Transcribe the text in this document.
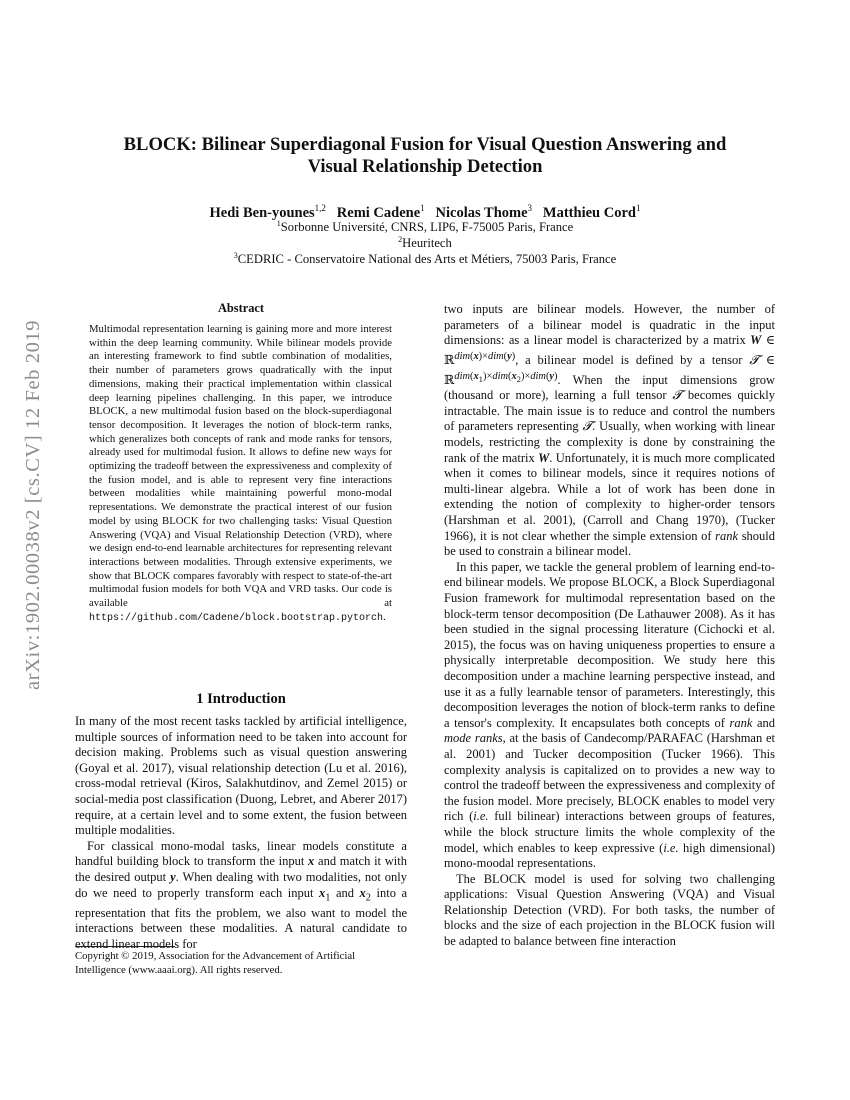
arXiv:1902.00038v2 [cs.CV] 12 Feb 2019
BLOCK: Bilinear Superdiagonal Fusion for Visual Question Answering and
Visual Relationship Detection
Hedi Ben-younes$^{1,2}$ Remi Cadene$^1$ Nicolas Thome$^3$ Matthieu Cord$^1$
$^1$Sorbonne Université, CNRS, LIP6, F-75005 Paris, France
$^2$Heuritech
$^3$CEDRIC - Conservatoire National des Arts et Métiers, 75003 Paris, France
Abstract
Multimodal representation learning is gaining more and more interest within the deep learning community. While bilinear models provide an interesting framework to find subtle combination of modalities, their number of parameters grows quadratically with the input dimensions, making their practical implementation within classical deep learning pipelines challenging. In this paper, we introduce BLOCK, a new multimodal fusion based on the block-superdiagonal tensor decomposition. It leverages the notion of block-term ranks, which generalizes both concepts of rank and mode ranks for tensors, already used for multimodal fusion. It allows to define new ways for optimizing the tradeoff between the expressiveness and complexity of the fusion model, and is able to represent very fine interactions between modalities while maintaining powerful mono-modal representations. We demonstrate the practical interest of our fusion model by using BLOCK for two challenging tasks: Visual Question Answering (VQA) and Visual Relationship Detection (VRD), where we design end-to-end learnable architectures for representing relevant interactions between modalities. Through extensive experiments, we show that BLOCK compares favorably with respect to state-of-the-art multimodal fusion models for both VQA and VRD tasks. Our code is available at https://github.com/Cadene/block.bootstrap.pytorch.
1 Introduction

In many of the most recent tasks tackled by artificial intelligence, multiple sources of information need to be taken into account for decision making. Problems such as visual question answering (Goyal et al. 2017), visual relationship detection (Lu et al. 2016), cross-modal retrieval (Kiros, Salakhutdinov, and Zemel 2015) or social-media post classification (Duong, Lebret, and Aberer 2017) require, at a certain level and to some extent, the fusion between multiple modalities.

For classical mono-modal tasks, linear models constitute a handful building block to transform the input x and match it with the desired output y. When dealing with two modalities, not only do we need to properly transform each input $x_1$ and $x_2$ into a representation that fits the problem, we also want to model the interactions between these modalities. A natural candidate to extend linear models for

Copyright © 2019, Association for the Advancement of Artificial Intelligence (www.aaai.org). All rights reserved.

two inputs are bilinear models. However, the number of parameters of a bilinear model is quadratic in the input dimensions: as a linear model is characterized by a matrix W ∈ ℝ$^{dim(x)\times dim(y)}$, a bilinear model is defined by a tensor 𝓣 ∈ ℝ$^{dim(x_1)\times dim(x_2)\times dim(y)}$. When the input dimensions grow (thousand or more), learning a full tensor 𝓣 becomes quickly intractable. The main issue is to reduce and control the numbers of parameters representing 𝓣. Usually, when working with linear models, restricting the complexity is done by constraining the rank of the matrix W. Unfortunately, it is much more complicated when it comes to bilinear models, since it requires notions of multi-linear algebra. While a lot of work has been done in extending the notion of complexity to higher-order tensors (Harshman et al. 2001), (Carroll and Chang 1970), (Tucker 1966), it is not clear whether the simple extension of rank should be used to constrain a bilinear model.

In this paper, we tackle the general problem of learning end-to-end bilinear models. We propose BLOCK, a Block Superdiagonal Fusion framework for multimodal representation based on the block-term tensor decomposition (De Lathauwer 2008). As it has been studied in the signal processing literature (Cichocki et al. 2015), the focus was on having uniqueness properties to ensure a physically interpretable decomposition. We study here this decomposition under a machine learning perspective instead, and use it as a fully learnable tensor of parameters. Interestingly, this decomposition leverages the notion of block-term ranks to define a tensor's complexity. It encapsulates both concepts of rank and mode ranks, at the basis of Candecomp/PARAFAC (Harshman et al. 2001) and Tucker decomposition (Tucker 1966). This complexity analysis is capitalized on to provides a new way to control the tradeoff between the expressiveness and complexity of the fusion model. More precisely, BLOCK enables to model very rich (i.e. full bilinear) interactions between groups of features, while the block structure limits the whole complexity of the model, which enables to keep expressive (i.e. high dimensional) mono-moodal representations.

The BLOCK model is used for solving two challenging applications: Visual Question Answering (VQA) and Visual Relationship Detection (VRD). For both tasks, the number of blocks and the size of each projection in the BLOCK fusion will be adapted to balance between fine interaction
